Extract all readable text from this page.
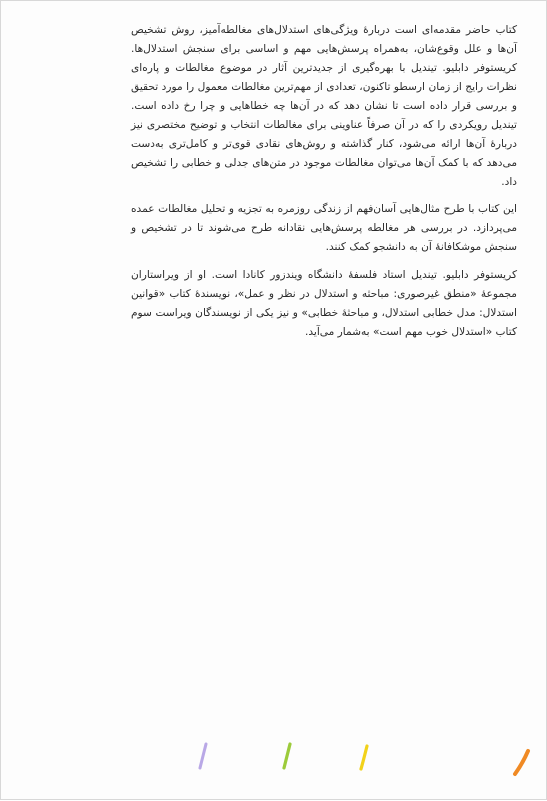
کتاب حاضر مقدمه‌ای است دربارهٔ ویژگی‌های استدلال‌های مغالطه‌آمیز، روش تشخیص آن‌ها و علل وقوع‌شان، به‌همراه پرسش‌هایی مهم و اساسی برای سنجش استدلال‌ها. کریستوفر دابلیو. تیندیل با بهره‌گیری از جدیدترین آثار در موضوع مغالطات و پاره‌ای نظرات رایج از زمان ارسطو تاکنون، تعدادی از مهم‌ترین مغالطات معمول را مورد تحقیق و بررسی قرار داده است تا نشان دهد که در آن‌ها چه خطاهایی و چرا رخ داده است. تیندیل رویکردی را که در آن صرفاً عناوینی برای مغالطات انتخاب و توضیح مختصری نیز دربارهٔ آن‌ها ارائه می‌شود، کنار گذاشته و روش‌های نقادی قوی‌تر و کامل‌تری به‌دست می‌دهد که با کمک آن‌ها می‌توان مغالطات موجود در متن‌های جدلی و خطابی را تشخیص داد.

این کتاب با طرح مثال‌هایی آسان‌فهم از زندگی روزمره به تجزیه و تحلیل مغالطات عمده می‌پردازد. در بررسی هر مغالطه پرسش‌هایی نقادانه طرح می‌شوند تا در تشخیص و سنجش موشکافانهٔ آن به دانشجو کمک کنند.

کریستوفر دابلیو. تیندیل استاد فلسفهٔ دانشگاه ویندزور کانادا است. او از ویراستاران مجموعهٔ «منطق غیرصوری: مباحثه و استدلال در نظر و عمل»، نویسندهٔ کتاب «قوانین استدلال: مدل خطابی استدلال، و مباحثهٔ خطابی» و نیز یکی از نویسندگان ویراست سوم کتاب «استدلال خوب مهم است» به‌شمار می‌آید.
